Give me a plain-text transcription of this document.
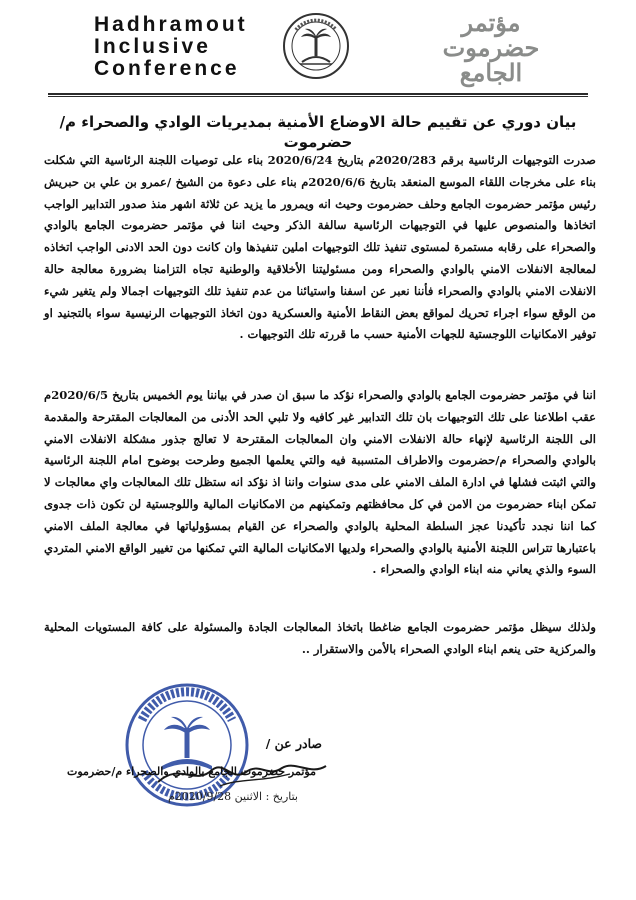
Hadhramout
Inclusive
Conference
مؤتمر
حضرموت
الجامع
بيان دوري عن تقييم حالة الاوضاع الأمنية بمديريات الوادي والصحراء م/حضرموت
صدرت التوجيهات الرئاسية برقم 2020/283م بتاريخ 2020/6/24 بناء على توصيات اللجنة الرئاسية التي شكلت بناء على مخرجات اللقاء الموسع المنعقد بتاريخ 2020/6/6م بناء على دعوة من الشيخ /عمرو بن علي بن حبريش رئيس مؤتمر حضرموت الجامع وحلف حضرموت وحيث انه ويمرور ما يزيد عن ثلاثة اشهر منذ صدور التدابير الواجب اتخاذها والمنصوص عليها في التوجيهات الرئاسية سالفة الذكر وحيث اننا في مؤتمر حضرموت الجامع بالوادي والصحراء على رقابه مستمرة لمستوى تنفيذ تلك التوجيهات املين تنفيذها وان كانت دون الحد الادنى الواجب اتخاذه لمعالجة الانفلات الامني بالوادي والصحراء ومن مسئوليتنا الأخلاقية والوطنية تجاه التزامنا بضرورة معالجة حالة الانفلات الامني بالوادي والصحراء فأننا نعبر عن اسفنا واستيائنا من عدم تنفيذ تلك التوجيهات اجمالا ولم يتغير شيء من الوقع سواء اجراء تحريك لمواقع بعض النقاط الأمنية والعسكرية دون اتخاذ التوجيهات الرنيسية سواء بالتجنيد او توفير الامكانيات اللوجستية للجهات الأمنية حسب ما قررته تلك التوجيهات .
اننا في مؤتمر حضرموت الجامع بالوادي والصحراء نؤكد ما سبق ان صدر في بياننا يوم الخميس بتاريخ 2020/6/5م عقب اطلاعنا على تلك التوجيهات بان تلك التدابير غير كافيه ولا تلبي الحد الأدنى من المعالجات المقترحة والمقدمة الى اللجنة الرئاسية لإنهاء حالة الانفلات الامني وان المعالجات المقترحة لا تعالج جذور مشكلة الانفلات الامني بالوادي والصحراء م/حضرموت والاطراف المتسببة فيه والتي يعلمها الجميع وطرحت بوضوح امام اللجنة الرئاسية والتي اثبتت فشلها في ادارة الملف الامني على مدى سنوات واننا اذ نؤكد انه ستظل تلك المعالجات واي معالجات لا تمكن ابناء حضرموت من الامن في كل محافظتهم وتمكينهم من الامكانيات المالية واللوجستية لن تكون ذات جدوى كما اننا نجدد تأكيدنا عجز السلطة المحلية بالوادي والصحراء عن القيام بمسؤولياتها في معالجة الملف الامني باعتبارها تتراس اللجنة الأمنية بالوادي والصحراء ولديها الامكانيات المالية التي تمكنها من تغيير الواقع الامني المتردي السوء والذي يعاني منه ابناء الوادي والصحراء .
ولذلك سيظل مؤتمر حضرموت الجامع ضاغطا باتخاذ المعالجات الجادة والمسئولة على كافة المستويات المحلية والمركزية حتى ينعم ابناء الوادي الصحراء بالأمن والاستقرار ..
صادر عن /
مؤتمر حضرموت الجامع بالوادي والصحراء م/حضرموت
بتاريخ : الاثنين 2020/9/28م
